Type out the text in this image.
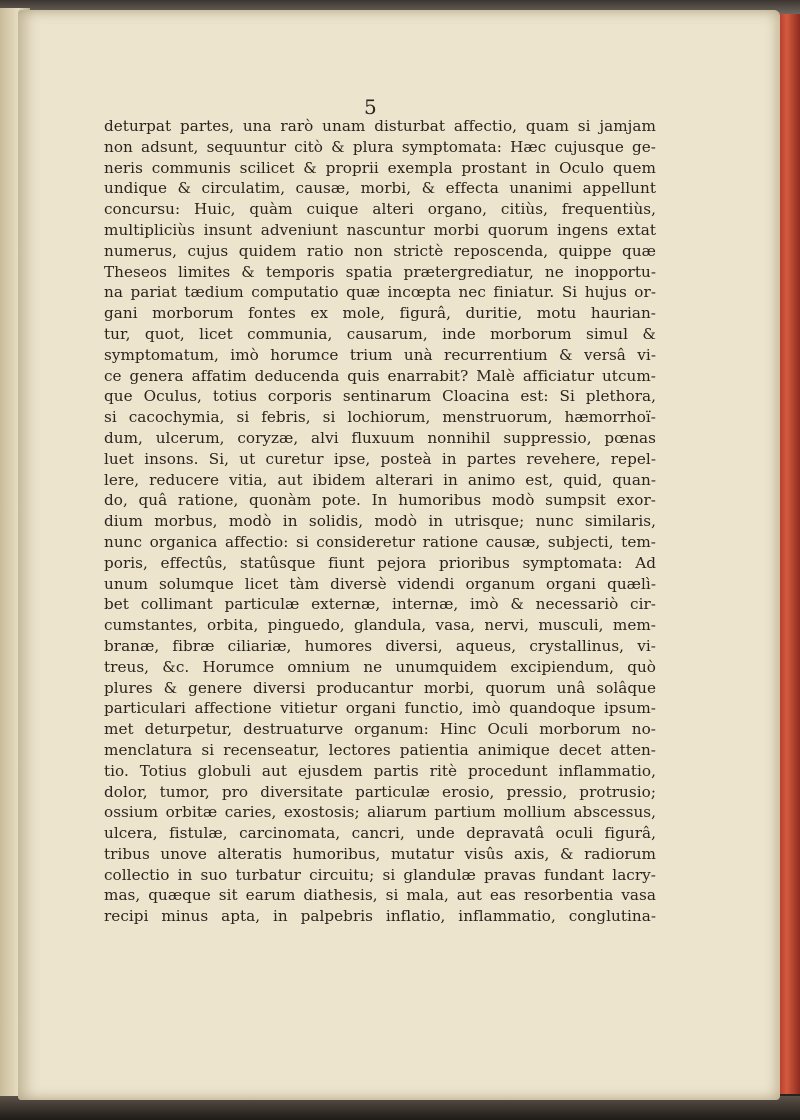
5
deturpat partes, una rarò unam disturbat affectio, quam si jamjam
non adsunt, sequuntur citò & plura symptomata: Hæc cujusque ge-
neris communis scilicet & proprii exempla prostant in Oculo quem
undique & circulatim, causæ, morbi, & effecta unanimi appellunt
concursu: Huic, quàm cuique alteri organo, citiùs, frequentiùs,
multipliciùs insunt adveniunt nascuntur morbi quorum ingens extat
numerus, cujus quidem ratio non strictè reposcenda, quippe quæ
Theseos limites & temporis spatia prætergrediatur, ne inopportu-
na pariat tædium computatio quæ incœpta nec finiatur. Si hujus or-
gani morborum fontes ex mole, figurâ, duritie, motu haurian-
tur, quot, licet communia, causarum, inde morborum simul &
symptomatum, imò horumce trium unà recurrentium & versâ vi-
ce genera affatim deducenda quis enarrabit? Malè afficiatur utcum-
que Oculus, totius corporis sentinarum Cloacina est: Si plethora,
si cacochymia, si febris, si lochiorum, menstruorum, hæmorrhoï-
dum, ulcerum, coryzæ, alvi fluxuum nonnihil suppressio, pœnas
luet insons. Si, ut curetur ipse, posteà in partes revehere, repel-
lere, reducere vitia, aut ibidem alterari in animo est, quid, quan-
do, quâ ratione, quonàm pote. In humoribus modò sumpsit exor-
dium morbus, modò in solidis, modò in utrisque; nunc similaris,
nunc organica affectio: si consideretur ratione causæ, subjecti, tem-
poris, effectûs, statûsque fiunt pejora prioribus symptomata: Ad
unum solumque licet tàm diversè videndi organum organi quælì-
bet collimant particulæ externæ, internæ, imò & necessariò cir-
cumstantes, orbita, pinguedo, glandula, vasa, nervi, musculi, mem-
branæ, fibræ ciliariæ, humores diversi, aqueus, crystallinus, vi-
treus, &c. Horumce omnium ne unumquidem excipiendum, quò
plures & genere diversi producantur morbi, quorum unâ solâque
particulari affectione vitietur organi functio, imò quandoque ipsum-
met deturpetur, destruaturve organum: Hinc Oculi morborum no-
menclatura si recenseatur, lectores patientia animique decet atten-
tio. Totius globuli aut ejusdem partis ritè procedunt inflammatio,
dolor, tumor, pro diversitate particulæ erosio, pressio, protrusio;
ossium orbitæ caries, exostosis; aliarum partium mollium abscessus,
ulcera, fistulæ, carcinomata, cancri, unde depravatâ oculi figurâ,
tribus unove alteratis humoribus, mutatur visûs axis, & radiorum
collectio in suo turbatur circuitu; si glandulæ pravas fundant lacry-
mas, quæque sit earum diathesis, si mala, aut eas resorbentia vasa
recipi minus apta, in palpebris inflatio, inflammatio, conglutina-
